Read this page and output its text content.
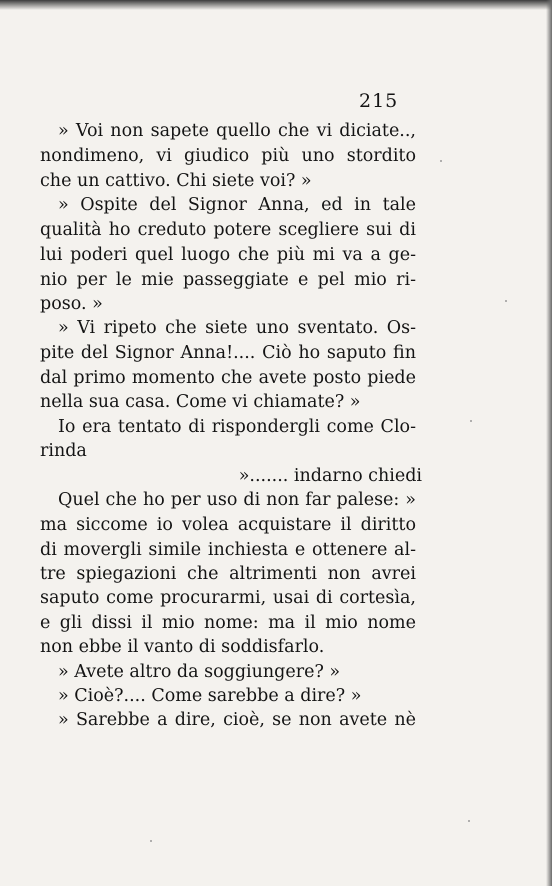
215
» Voi non sapete quello che vi diciate..,
nondimeno, vi giudico più uno stordito
che un cattivo. Chi siete voi? »
» Ospite del Signor Anna, ed in tale
qualità ho creduto potere scegliere sui di
lui poderi quel luogo che più mi va a ge-
nio per le mie passeggiate e pel mio ri-
poso. »
» Vi ripeto che siete uno sventato. Os-
pite del Signor Anna!.... Ciò ho saputo fin
dal primo momento che avete posto piede
nella sua casa. Come vi chiamate? »
Io era tentato di rispondergli come Clo-
rinda
»....... indarno chiedi
Quel che ho per uso di non far palese: »
ma siccome io volea acquistare il diritto
di movergli simile inchiesta e ottenere al-
tre spiegazioni che altrimenti non avrei
saputo come procurarmi, usai di cortesìa,
e gli dissi il mio nome: ma il mio nome
non ebbe il vanto di soddisfarlo.
» Avete altro da soggiungere? »
» Cioè?.... Come sarebbe a dire? »
» Sarebbe a dire, cioè, se non avete nè
